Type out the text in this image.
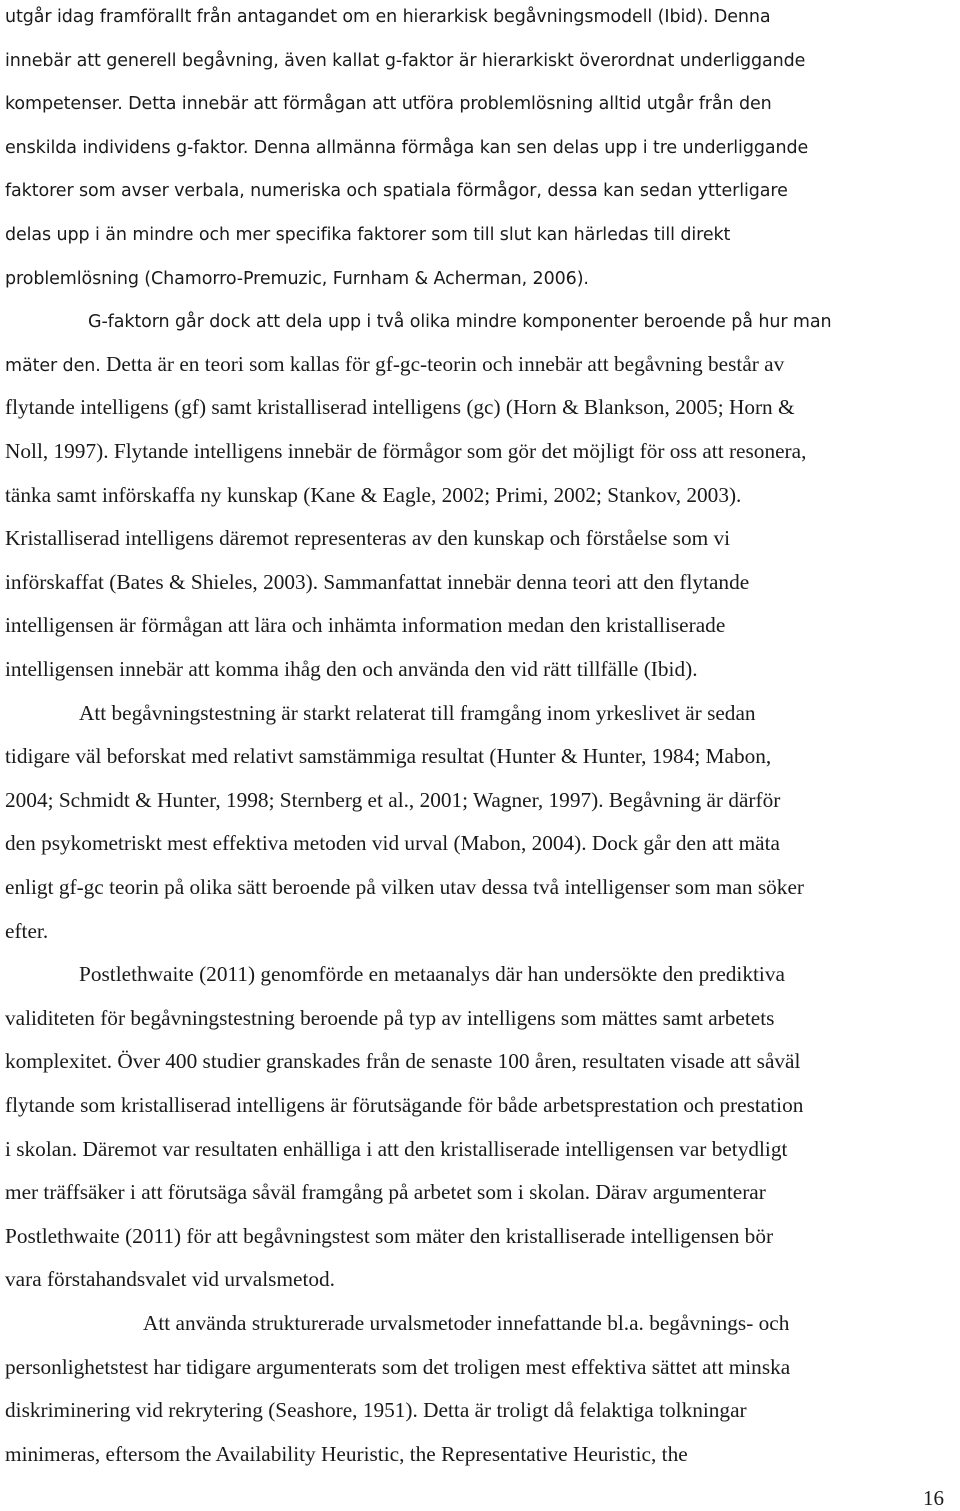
utgår idag framförallt från antagandet om en hierarkisk begåvningsmodell (Ibid). Denna
innebär att generell begåvning, även kallat g-faktor är hierarkiskt överordnat underliggande
kompetenser. Detta innebär att förmågan att utföra problemlösning alltid utgår från den
enskilda individens g-faktor. Denna allmänna förmåga kan sen delas upp i tre underliggande
faktorer som avser verbala, numeriska och spatiala förmågor, dessa kan sedan ytterligare
delas upp i än mindre och mer specifika faktorer som till slut kan härledas till direkt
problemlösning (Chamorro-Premuzic, Furnham & Acherman, 2006).
G-faktorn går dock att dela upp i två olika mindre komponenter beroende på hur man
mäter den. Detta är en teori som kallas för gf-gc-teorin och innebär att begåvning består av
flytande intelligens (gf) samt kristalliserad intelligens (gc) (Horn & Blankson, 2005; Horn &
Noll, 1997). Flytande intelligens innebär de förmågor som gör det möjligt för oss att resonera,
tänka samt införskaffa ny kunskap (Kane & Eagle, 2002; Primi, 2002; Stankov, 2003).
Kristalliserad intelligens däremot representeras av den kunskap och förståelse som vi
införskaffat (Bates & Shieles, 2003). Sammanfattat innebär denna teori att den flytande
intelligensen är förmågan att lära och inhämta information medan den kristalliserade
intelligensen innebär att komma ihåg den och använda den vid rätt tillfälle (Ibid).
Att begåvningstestning är starkt relaterat till framgång inom yrkeslivet är sedan
tidigare väl beforskat med relativt samstämmiga resultat (Hunter & Hunter, 1984; Mabon,
2004; Schmidt & Hunter, 1998; Sternberg et al., 2001; Wagner, 1997). Begåvning är därför
den psykometriskt mest effektiva metoden vid urval (Mabon, 2004). Dock går den att mäta
enligt gf-gc teorin på olika sätt beroende på vilken utav dessa två intelligenser som man söker
efter.
Postlethwaite (2011) genomförde en metaanalys där han undersökte den prediktiva
validiteten för begåvningstestning beroende på typ av intelligens som mättes samt arbetets
komplexitet. Över 400 studier granskades från de senaste 100 åren, resultaten visade att såväl
flytande som kristalliserad intelligens är förutsägande för både arbetsprestation och prestation
i skolan. Däremot var resultaten enhälliga i att den kristalliserade intelligensen var betydligt
mer träffsäker i att förutsäga såväl framgång på arbetet som i skolan. Därav argumenterar
Postlethwaite (2011) för att begåvningstest som mäter den kristalliserade intelligensen bör
vara förstahandsvalet vid urvalsmetod.
Att använda strukturerade urvalsmetoder innefattande bl.a. begåvnings- och
personlighetstest har tidigare argumenterats som det troligen mest effektiva sättet att minska
diskriminering vid rekrytering (Seashore, 1951). Detta är troligt då felaktiga tolkningar
minimeras, eftersom the Availability Heuristic, the Representative Heuristic, the
16
